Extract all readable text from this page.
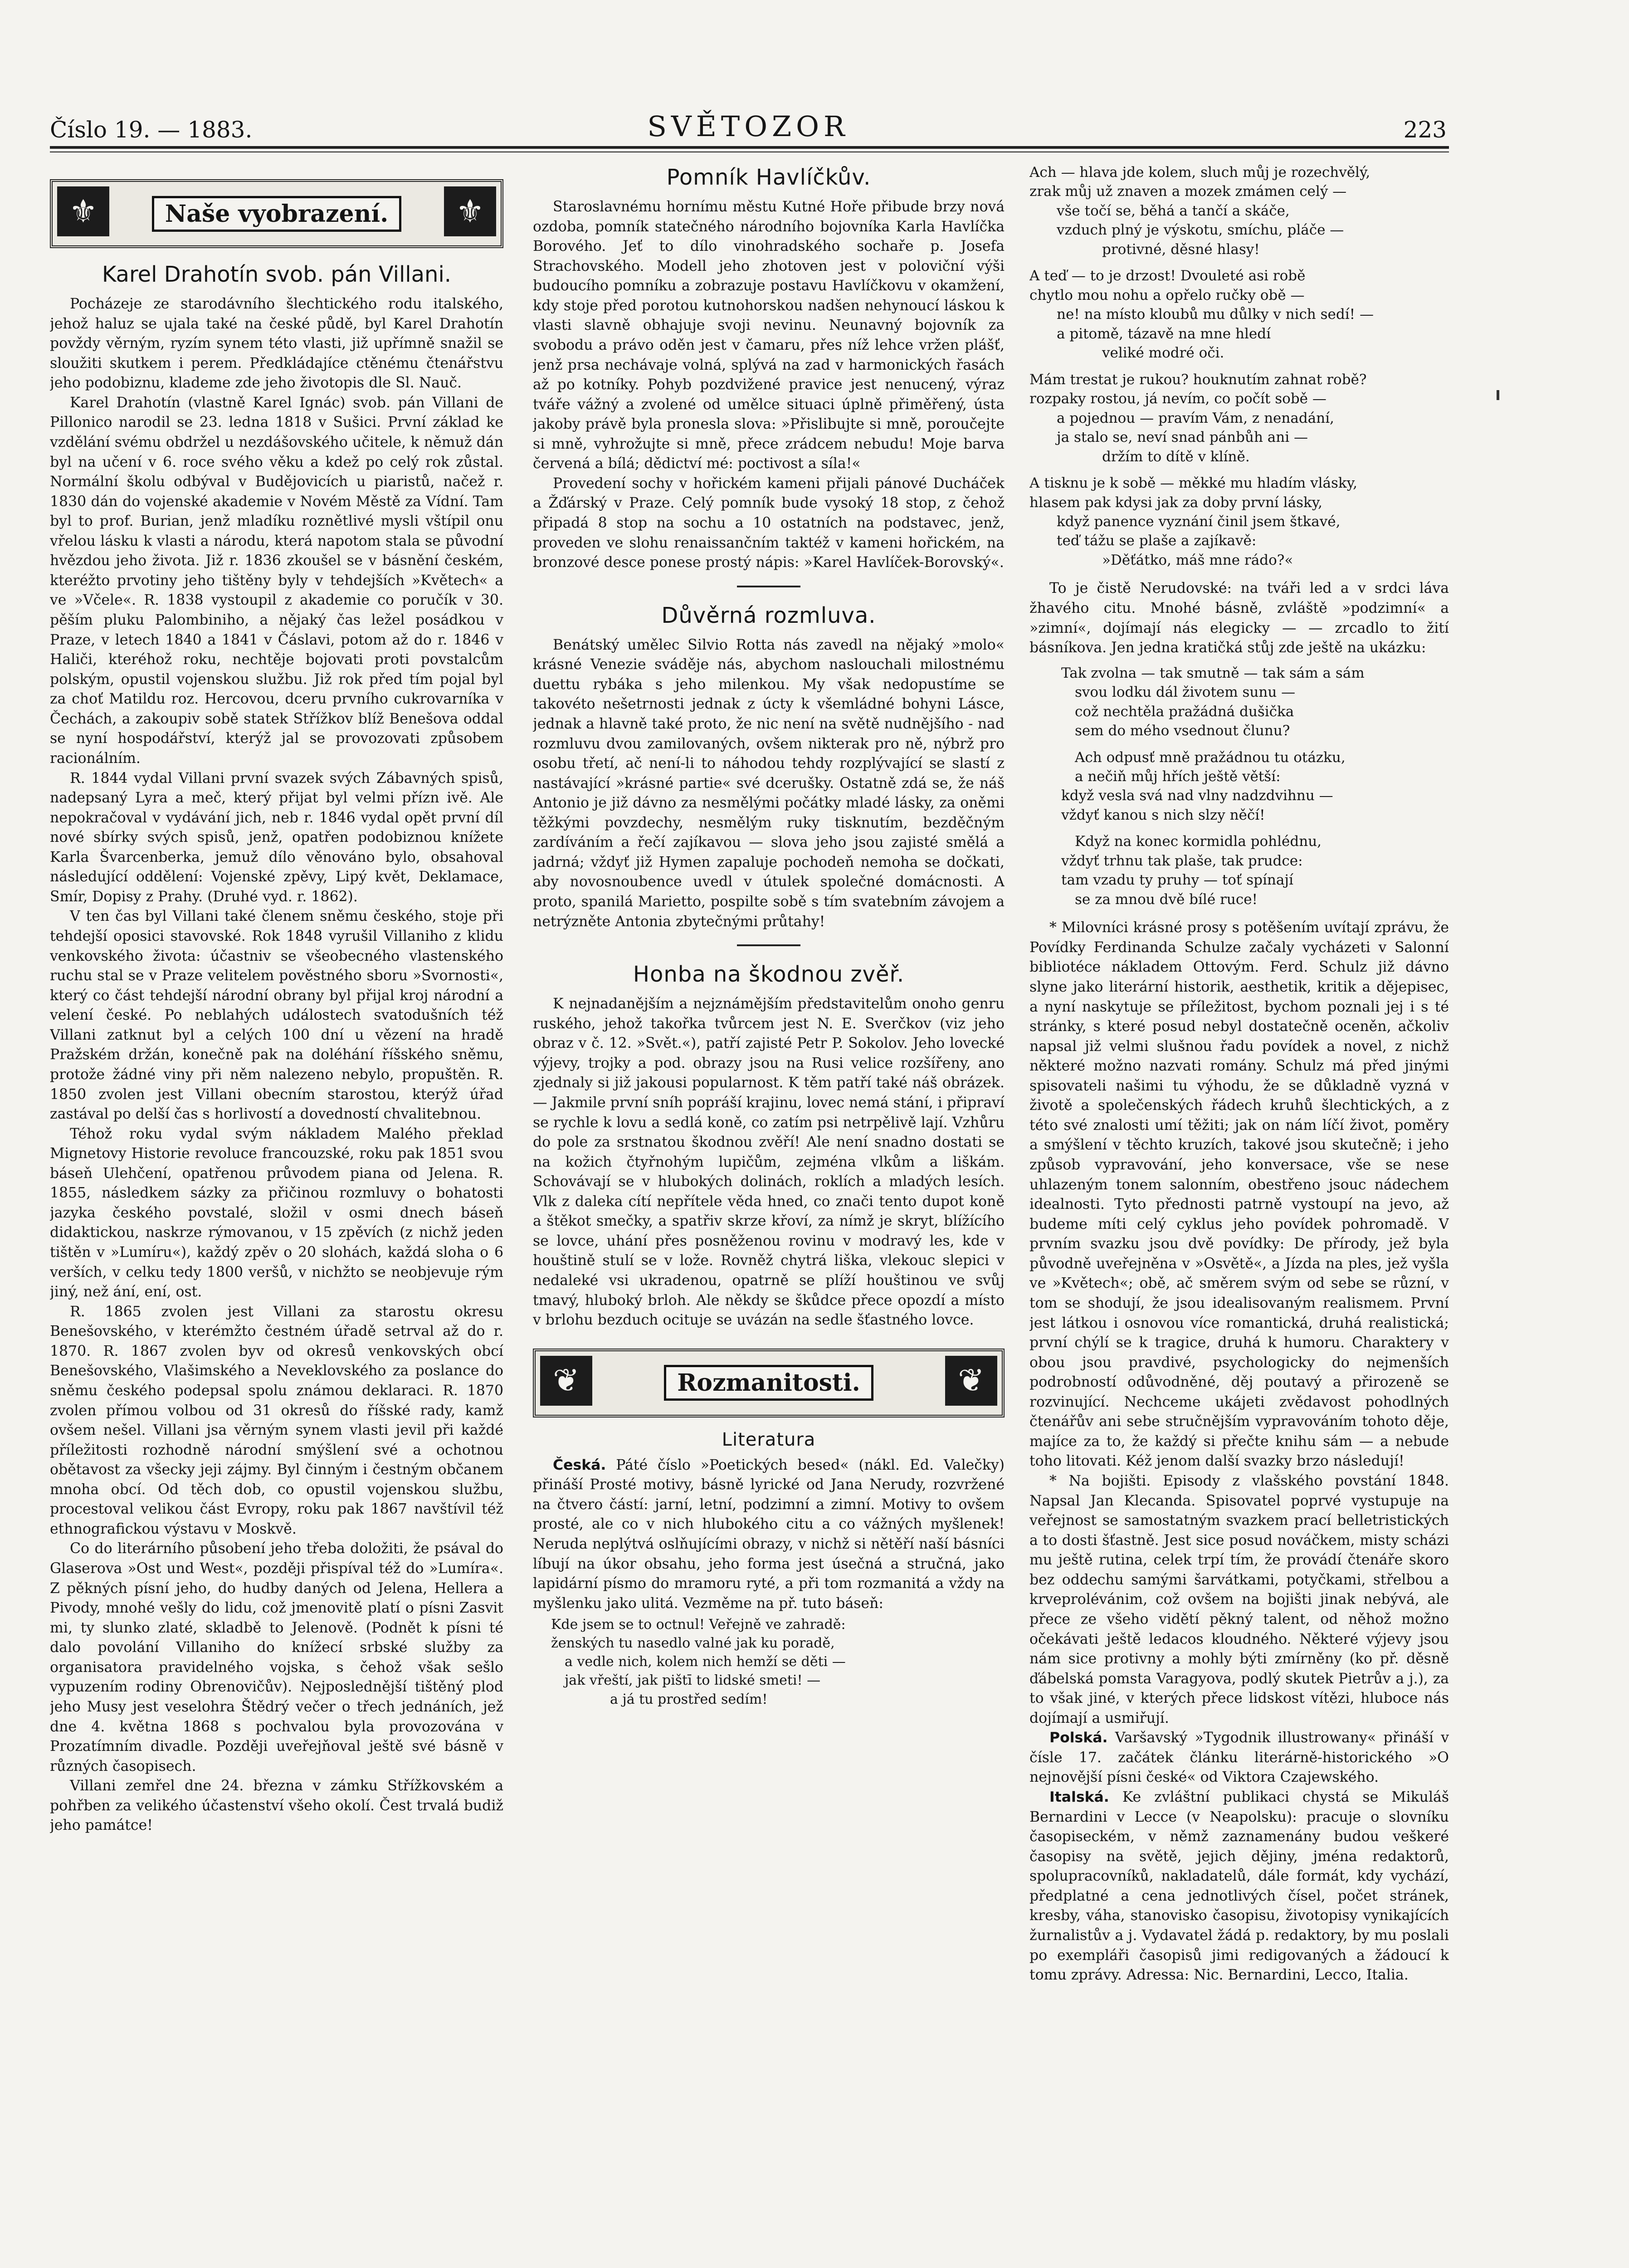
Číslo 19. — 1883.	SVĚTOZOR	223
⚜	Naše vyobrazení.	⚜
Karel Drahotín svob. pán Villani.

Pocházeje ze starodávního šlechtického rodu italského, jehož haluz se ujala také na české půdě, byl Karel Drahotín povždy věrným, ryzím synem této vlasti, již upřímně snažil se sloužiti skutkem i perem. Předkládajíce ctěnému čtenářstvu jeho podobiznu, klademe zde jeho životopis dle Sl. Nauč.

Karel Drahotín (vlastně Karel Ignác) svob. pán Villani de Pillonico narodil se 23. ledna 1818 v Sušici. První základ ke vzdělání svému obdržel u nezdášovského učitele, k němuž dán byl na učení v 6. roce svého věku a kdež po celý rok zůstal. Normální školu odbýval v Budějovicích u piaristů, načež r. 1830 dán do vojenské akademie v Novém Městě za Vídní. Tam byl to prof. Burian, jenž mladíku roznětlivé mysli vštípil onu vřelou lásku k vlasti a národu, která napotom stala se původní hvězdou jeho života. Již r. 1836 zkoušel se v básnění českém, kteréžto prvotiny jeho tištěny byly v tehdejších »Květech« a ve »Včele«. R. 1838 vystoupil z akademie co poručík v 30. pěším pluku Palombiniho, a nějaký čas ležel posádkou v Praze, v letech 1840 a 1841 v Čáslavi, potom až do r. 1846 v Haliči, kteréhož roku, nechtěje bojovati proti povstalcům polským, opustil vojenskou službu. Již rok před tím pojal byl za choť Matildu roz. Hercovou, dceru prvního cukrovarníka v Čechách, a zakoupiv sobě statek Střížkov blíž Benešova oddal se nyní hospodářství, kterýž jal se provozovati způsobem racionálním.

R. 1844 vydal Villani první svazek svých Zábavných spisů, nadepsaný Lyra a meč, který přijat byl velmi přízn ivě. Ale nepokračoval v vydávání jich, neb r. 1846 vydal opět první díl nové sbírky svých spisů, jenž, opatřen podobiznou knížete Karla Švarcenberka, jemuž dílo věnováno bylo, obsahoval následující oddělení: Vojenské zpěvy, Lipý květ, Deklamace, Smír, Dopisy z Prahy. (Druhé vyd. r. 1862).

V ten čas byl Villani také členem sněmu českého, stoje při tehdejší oposici stavovské. Rok 1848 vyrušil Villaniho z klidu venkovského života: účastniv se všeobecného vlastenského ruchu stal se v Praze velitelem pověstného sboru »Svornosti«, který co část tehdejší národní obrany byl přijal kroj národní a velení české. Po neblahých událostech svatodušních též Villani zatknut byl a celých 100 dní u vězení na hradě Pražském držán, konečně pak na doléhání říšského sněmu, protože žádné viny při něm nalezeno nebylo, propuštěn. R. 1850 zvolen jest Villani obecním starostou, kterýž úřad zastával po delší čas s horlivostí a dovedností chvalitebnou.

Téhož roku vydal svým nákladem Malého překlad Mignetovy Historie revoluce francouzské, roku pak 1851 svou báseň Ulehčení, opatřenou průvodem piana od Jelena. R. 1855, následkem sázky za přičinou rozmluvy o bohatosti jazyka českého povstalé, složil v osmi dnech báseň didaktickou, naskrze rýmovanou, v 15 zpěvích (z nichž jeden tištěn v »Lumíru«), každý zpěv o 20 slohách, každá sloha o 6 verších, v celku tedy 1800 veršů, v nichžto se neobjevuje rým jiný, než ání, ení, ost.

R. 1865 zvolen jest Villani za starostu okresu Benešovského, v kterémžto čestném úřadě setrval až do r. 1870. R. 1867 zvolen byv od okresů venkovských obcí Benešovského, Vlašimského a Neveklovského za poslance do sněmu českého podepsal spolu známou deklaraci. R. 1870 zvolen přímou volbou od 31 okresů do říšské rady, kamž ovšem nešel. Villani jsa věrným synem vlasti jevil při každé příležitosti rozhodně národní smýšlení své a ochotnou obětavost za všecky jeji zájmy. Byl činným i čestným občanem mnoha obcí. Od těch dob, co opustil vojenskou službu, procestoval velikou část Evropy, roku pak 1867 navštívil též ethnografickou výstavu v Moskvě.

Co do literárního působení jeho třeba doložiti, že psával do Glaserova »Ost und West«, později přispíval též do »Lumíra«. Z pěkných písní jeho, do hudby daných od Jelena, Hellera a Pivody, mnohé vešly do lidu, což jmenovitě platí o písni Zasvit mi, ty slunko zlaté, skladbě to Jelenově. (Podnět k písni té dalo povolání Villaniho do knížecí srbské služby za organisatora pravidelného vojska, s čehož však sešlo vypuzením rodiny Obrenovičův). Nejposlednější tištěný plod jeho Musy jest veselohra Štědrý večer o třech jednáních, jež dne 4. května 1868 s pochvalou byla provozována v Prozatímním divadle. Později uveřejňoval ještě své básně v různých časopisech.

Villani zemřel dne 24. března v zámku Střížkovském a pohřben za velikého účastenství všeho okolí. Čest trvalá budiž jeho památce!

Pomník Havlíčkův.

Staroslavnému hornímu městu Kutné Hoře přibude brzy nová ozdoba, pomník statečného národního bojovníka Karla Havlíčka Borového. Jeť to dílo vinohradského sochaře p. Josefa Strachovského. Modell jeho zhotoven jest v poloviční výši budoucího pomníku a zobrazuje postavu Havlíčkovu v okamžení, kdy stoje před porotou kutnohorskou nadšen nehynoucí láskou k vlasti slavně obhajuje svoji nevinu. Neunavný bojovník za svobodu a právo oděn jest v čamaru, přes níž lehce vržen plášť, jenž prsa nechávaje volná, splývá na zad v harmonických řasách až po kotníky. Pohyb pozdvižené pravice jest nenucený, výraz tváře vážný a zvolené od umělce situaci úplně přiměřený, ústa jakoby právě byla pronesla slova: »Přislibujte si mně, poroučejte si mně, vyhrožujte si mně, přece zrádcem nebudu! Moje barva červená a bílá; dědictví mé: poctivost a síla!«

Provedení sochy v hořickém kameni přijali pánové Ducháček a Žďárský v Praze. Celý pomník bude vysoký 18 stop, z čehož připadá 8 stop na sochu a 10 ostatních na podstavec, jenž, proveden ve slohu renaissančním taktéž v kameni hořickém, na bronzové desce ponese prostý nápis: »Karel Havlíček-Borovský«.

Důvěrná rozmluva.

Benátský umělec Silvio Rotta nás zavedl na nějaký »molo« krásné Venezie sváděje nás, abychom naslouchali milostnému duettu rybáka s jeho milenkou. My však nedopustíme se takovéto nešetrnosti jednak z úcty k všemládné bohyni Lásce, jednak a hlavně také proto, že nic není na světě nudnějšího - nad rozmluvu dvou zamilovaných, ovšem nikterak pro ně, nýbrž pro osobu třetí, ač není-li to náhodou tehdy rozplývající se slastí z nastávající »krásné partie« své dcerušky. Ostatně zdá se, že náš Antonio je již dávno za nesmělými počátky mladé lásky, za oněmi těžkými povzdechy, nesmělým ruky tisknutím, bezděčným zardíváním a řečí zajíkavou — slova jeho jsou zajisté smělá a jadrná; vždyť již Hymen zapaluje pochodeň nemoha se dočkati, aby novosnoubence uvedl v útulek společné domácnosti. A proto, spanilá Marietto, pospilte sobě s tím svatebním závojem a netrýzněte Antonia zbytečnými průtahy!

Honba na škodnou zvěř.

K nejnadanějším a nejznámějším představitelům onoho genru ruského, jehož takořka tvůrcem jest N. E. Sverčkov (viz jeho obraz v č. 12. »Svět.«), patří zajisté Petr P. Sokolov. Jeho lovecké výjevy, trojky a pod. obrazy jsou na Rusi velice rozšířeny, ano zjednaly si již jakousi popularnost. K těm patří také náš obrázek. — Jakmile první sníh popráší krajinu, lovec nemá stání, i připraví se rychle k lovu a sedlá koně, co zatím psi netrpělivě lají. Vzhůru do pole za srstnatou škodnou zvěří! Ale není snadno dostati se na kožich čtyřnohým lupičům, zejména vlkům a liškám. Schovávají se v hlubokých dolinách, roklích a mladých lesích. Vlk z daleka cítí nepřítele věda hned, co znači tento dupot koně a štěkot smečky, a spatřiv skrze křoví, za nímž je skryt, blížícího se lovce, uhání přes posněženou rovinu v modravý les, kde v houštině stulí se v lože. Rovněž chytrá liška, vlekouc slepici v nedaleké vsi ukradenou, opatrně se plíží houštinou ve svůj tmavý, hluboký brloh. Ale někdy se škůdce přece opozdí a místo v brlohu bezduch ocituje se uvázán na sedle šťastného lovce.

❦	Rozmanitosti.	❦
Literatura

Česká. Páté číslo »Poetických besed« (nákl. Ed. Valečky) přináší Prosté motivy, básně lyrické od Jana Nerudy, rozvržené na čtvero částí: jarní, letní, podzimní a zimní. Motivy to ovšem prosté, ale co v nich hlubokého citu a co vážných myšlenek! Neruda neplýtvá oslňujícími obrazy, v nichž si nětěří naší básníci líbují na úkor obsahu, jeho forma jest úsečná a stručná, jako lapidární písmo do mramoru ryté, a při tom rozmanitá a vždy na myšlenku jako ulitá. Vezměme na př. tuto báseň:

Kde jsem se to octnul! Veřejně ve zahradě:
ženských tu nasedlo valné jak ku poradě,
a vedle nich, kolem nich hemží se děti —
jak vřeští, jak pištī to lidské smeti! —
a já tu prostřed sedím!
Ach — hlava jde kolem, sluch můj je rozechvělý,
zrak můj už znaven a mozek zmámen celý —
vše točí se, běhá a tančí a skáče,
vzduch plný je výskotu, smíchu, pláče —
protivné, děsné hlasy!
A teď — to je drzost! Dvouleté asi robě
chytlo mou nohu a opřelo ručky obě —
ne! na místo kloubů mu důlky v nich sedí! —
a pitomě, tázavě na mne hledí
veliké modré oči.
Mám trestat je rukou? houknutím zahnat robě?
rozpaky rostou, já nevím, co počít sobě —
a pojednou — pravím Vám, z nenadání,
ja stalo se, neví snad pánbůh ani —
držím to dítě v klíně.
A tisknu je k sobě — měkké mu hladím vlásky,
hlasem pak kdysi jak za doby první lásky,
když panence vyznání činil jsem štkavé,
teď tážu se plaše a zajíkavě:
»Děťátko, máš mne rádo?«

To je čistě Nerudovské: na tváři led a v srdci láva žhavého citu. Mnohé básně, zvláště »podzimní« a »zimní«, dojímají nás elegicky — — zrcadlo to žití básníkova. Jen jedna kratičká stůj zde ještě na ukázku:

Tak zvolna — tak smutně — tak sám a sám
svou lodku dál životem sunu —
což nechtěla pražádná dušička
sem do mého vsednout člunu?
Ach odpusť mně pražádnou tu otázku,
a nečiň můj hřích ještě větší:
když vesla svá nad vlny nadzdvihnu —
vždyť kanou s nich slzy něčí!
Když na konec kormidla pohlédnu,
vždyť trhnu tak plaše, tak prudce:
tam vzadu ty pruhy — toť spínají
se za mnou dvě bílé ruce!

* Milovníci krásné prosy s potěšením uvítají zprávu, že Povídky Ferdinanda Schulze začaly vycházeti v Salonní bibliotéce nákladem Ottovým. Ferd. Schulz již dávno slyne jako literární historik, aesthetik, kritik a dějepisec, a nyní naskytuje se příležitost, bychom poznali jej i s té stránky, s které posud nebyl dostatečně oceněn, ačkoliv napsal již velmi slušnou řadu povídek a novel, z nichž některé možno nazvati romány. Schulz má před jinými spisovateli našimi tu výhodu, že se důkladně vyzná v životě a společenských řádech kruhů šlechtických, a z této své znalosti umí těžiti; jak on nám líčí život, poměry a smýšlení v těchto kruzích, takové jsou skutečně; i jeho způsob vypravování, jeho konversace, vše se nese uhlazeným tonem salonním, obestřeno jsouc nádechem idealnosti. Tyto přednosti patrně vystoupí na jevo, až budeme míti celý cyklus jeho povídek pohromadě. V prvním svazku jsou dvě povídky: De přírody, jež byla původně uveřejněna v »Osvětě«, a Jízda na ples, jež vyšla ve »Květech«; obě, ač směrem svým od sebe se různí, v tom se shodují, že jsou idealisovaným realismem. První jest látkou i osnovou více romantická, druhá realistická; první chýlí se k tragice, druhá k humoru. Charaktery v obou jsou pravdivé, psychologicky do nejmenších podrobností odůvodněné, děj poutavý a přirozeně se rozvinující. Nechceme ukájeti zvědavost pohodlných čtenářův ani sebe stručnějším vypravováním tohoto děje, majíce za to, že každý si přečte knihu sám — a nebude toho litovati. Kéž jenom další svazky brzo následují!

* Na bojišti. Episody z vlašského povstání 1848. Napsal Jan Klecanda. Spisovatel poprvé vystupuje na veřejnost se samostatným svazkem prací belletristických a to dosti šťastně. Jest sice posud nováčkem, misty scházi mu ještě rutina, celek trpí tím, že provádí čtenáře skoro bez oddechu samými šarvátkami, potyčkami, střelbou a krveprolévánim, což ovšem na bojišti jinak nebývá, ale přece ze všeho vidětí pěkný talent, od něhož možno očekávati ještě ledacos kloudného. Některé výjevy jsou nám sice protivny a mohly býti zmírněny (ko př. děsně ďábelská pomsta Varagyova, podlý skutek Pietrův a j.), za to však jiné, v kterých přece lidskost vítězi, hluboce nás dojímají a usmiřují.

Polská. Varšavský »Tygodnik illustrowany« přináší v čísle 17. začátek článku literárně-historického »O nejnovější písni české« od Viktora Czajewského.

Italská. Ke zvláštní publikaci chystá se Mikuláš Bernardini v Lecce (v Neapolsku): pracuje o slovníku časopiseckém, v němž zaznamenány budou veškeré časopisy na světě, jejich dějiny, jména redaktorů, spolupracovníků, nakladatelů, dále formát, kdy vychází, předplatné a cena jednotlivých čísel, počet stránek, kresby, váha, stanovisko časopisu, životopisy vynikajících žurnalistův a j. Vydavatel žádá p. redaktory, by mu poslali po exempláři časopisů jimi redigovaných a žádoucí k tomu zprávy. Adressa: Nic. Bernardini, Lecco, Italia.
